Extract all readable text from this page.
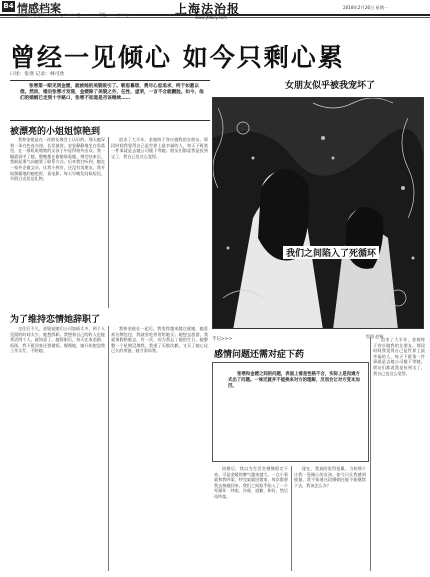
B4 情感档案
责任编辑 郭嘉 E-mail:fzb_dhsuka@sina.com 网址:www.jfdaily.com	上海法治报
www.jfdaily.com
2018年2月26日 星期一
曾经一见倾心 如今只剩心累
口述：张寒 记录：林可欣
张寒第一眼见到金媛，就被她的美貌吸引了。朝思暮想，费尽心思追求，终于如愿以偿。然而，婚后张寒才发现，金媛除了美貌之外，任性、虚荣，一言不合就翻脸。如今，他们的婚姻已走到十字路口，张寒不知道是否该继续……
被漂亮的小姐姐惊艳到
我和金媛是在一次朋友聚会上认识的。那天她穿着一条白色连衣裙，长发披肩，安安静静地坐在角落里，在一群叽叽喳喳的女孩子中显得格外出众。我一眼就看中了她，整晚都在偷偷地看她。聚会结束后，我鼓起勇气向她要了联系方式。后来我打听到，她在一家外企做文员，比我小两岁，还没有男朋友。我开始频繁地约她吃饭、看电影，每天早晚发问候短信，节假日送花送礼物。
追求了大半年，金媛终于答应做我的女朋友。那段时间我觉得自己是世界上最幸福的人，每天下班第一件事就是去她公司楼下等她。朋友们都说我是捡到宝了，我自己也这么觉得。
为了维持恋情她辞职了
交往后不久，金媛说她们公司加班太多，两个人见面的时间太少，她想辞职。我想着自己的收入也能养活两个人，就同意了。她辞职后，每天在家追剧、逛街，我下班回家还要做饭。慢慢地，她开始抱怨我工作太忙，不陪她。
我和金媛在一起后，我变得越来越迁就她。她喜欢名牌包包，我就省吃俭用给她买；她想去旅游，我就请假陪她去。有一次，因为我忘了她的生日，她整整一个星期没理我。我道了无数次歉，又买了她心仪已久的项链，她才原谅我。
女朋友似乎被我宠坏了
绘图 赵铜
我们之间陷入了死循环
手记>>>
感情问题还需对症下药
张寒和金媛之间的问题，表面上看是性格不合，实际上是沟通方式出了问题。一味迁就并不能换来对方的理解，反而会让对方变本加厉。
结婚后，我以为生活会慢慢稳定下来。可是金媛的脾气越来越大，一点小事就和我吵架，吵完架就回娘家，每次都要我去接她回来。我们之间似乎陷入了一个死循环：吵架、冷战、道歉、和好，然后再吵架。
现在，我真的觉得很累。当初那个让我一见倾心的女孩，如今只让我感到疲惫。我不知道这段婚姻还能不能继续下去，我该怎么办？
追求了大半年，金媛终于答应做我的女朋友。那段时间我觉得自己是世界上最幸福的人，每天下班第一件事就是去她公司楼下等她。朋友们都说我是捡到宝了，我自己也这么觉得。
